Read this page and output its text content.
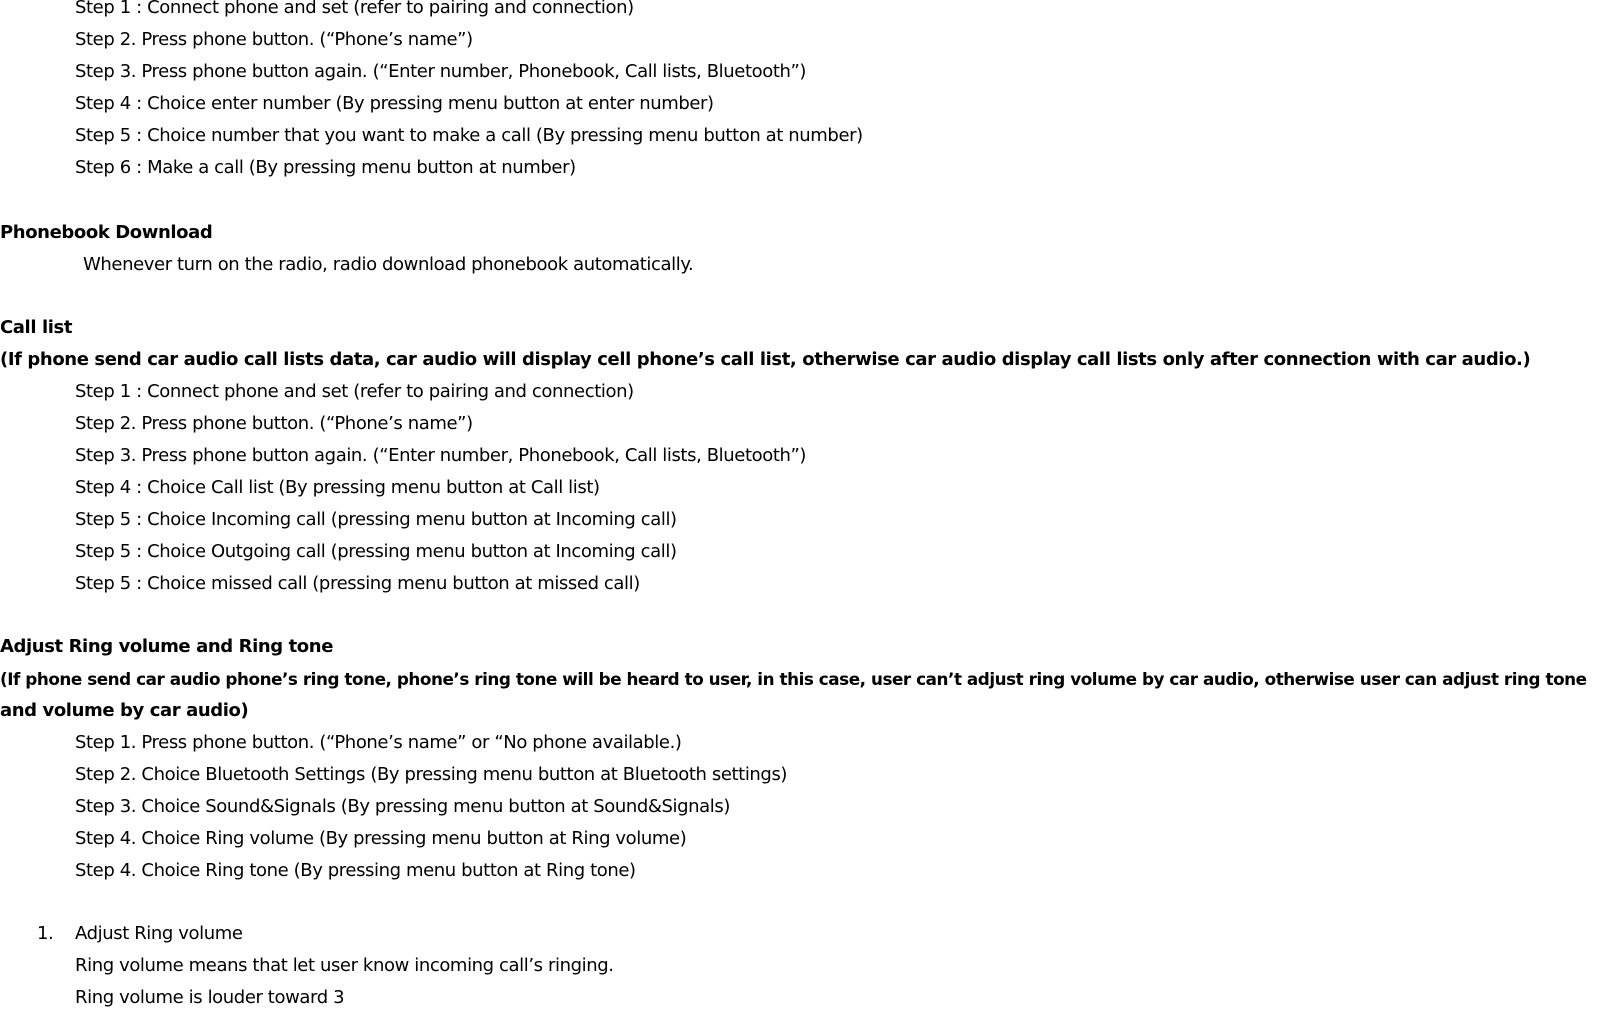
Step 1 : Connect phone and set (refer to pairing and connection)
Step 2. Press phone button. (“Phone’s name”)
Step 3. Press phone button again. (“Enter number, Phonebook, Call lists, Bluetooth”)
Step 4 : Choice enter number (By pressing menu button at enter number)
Step 5 : Choice number that you want to make a call (By pressing menu button at number)
Step 6 : Make a call (By pressing menu button at number)
Phonebook Download
Whenever turn on the radio, radio download phonebook automatically.
Call list
(If phone send car audio call lists data, car audio will display cell phone’s call list, otherwise car audio display call lists only after connection with car audio.)
Step 1 : Connect phone and set (refer to pairing and connection)
Step 2. Press phone button. (“Phone’s name”)
Step 3. Press phone button again. (“Enter number, Phonebook, Call lists, Bluetooth”)
Step 4 : Choice Call list (By pressing menu button at Call list)
Step 5 : Choice Incoming call (pressing menu button at Incoming call)
Step 5 : Choice Outgoing call (pressing menu button at Incoming call)
Step 5 : Choice missed call (pressing menu button at missed call)
Adjust Ring volume and Ring tone
(If phone send car audio phone’s ring tone, phone’s ring tone will be heard to user, in this case, user can’t adjust ring volume by car audio, otherwise user can adjust ring tone
and volume by car audio)
Step 1. Press phone button. (“Phone’s name” or “No phone available.)
Step 2. Choice Bluetooth Settings (By pressing menu button at Bluetooth settings)
Step 3. Choice Sound&Signals (By pressing menu button at Sound&Signals)
Step 4. Choice Ring volume (By pressing menu button at Ring volume)
Step 4. Choice Ring tone (By pressing menu button at Ring tone)
1. Adjust Ring volume
Ring volume means that let user know incoming call’s ringing.
Ring volume is louder toward 3
